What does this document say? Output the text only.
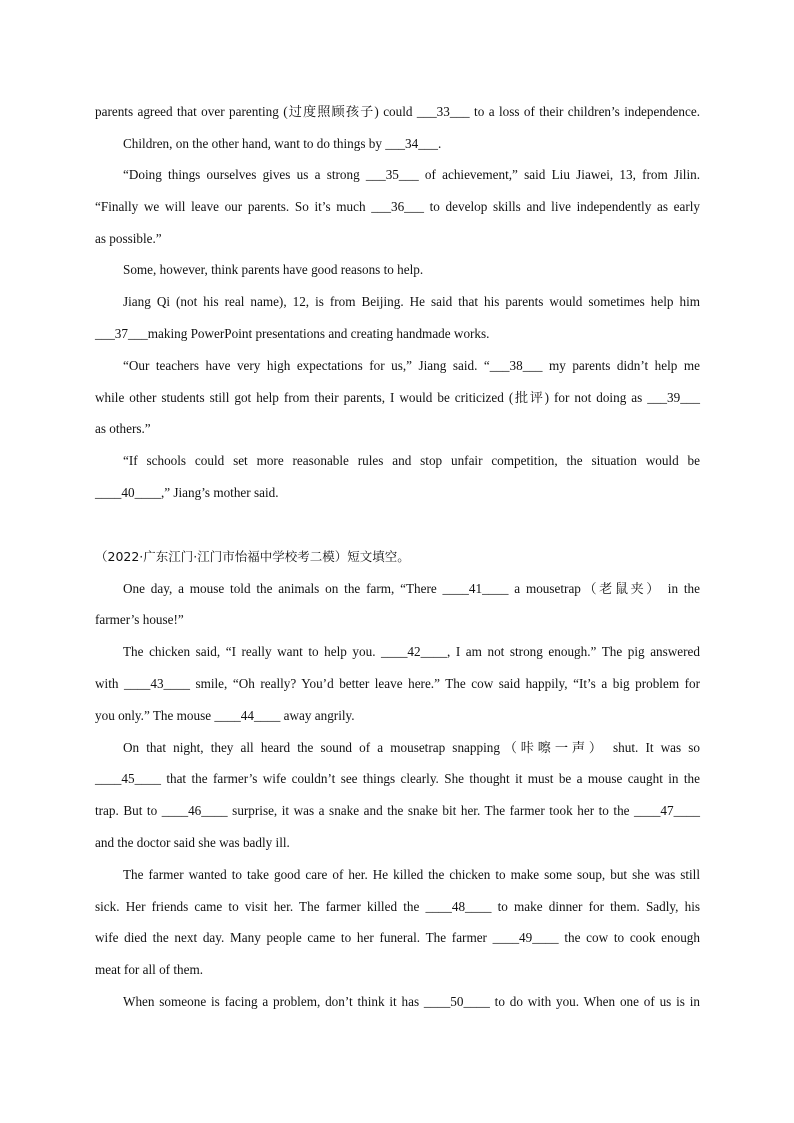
parents agreed that over parenting (过度照顾孩子) could ___33___ to a loss of their children’s independence.
Children, on the other hand, want to do things by ___34___.
“Doing things ourselves gives us a strong ___35___ of achievement,” said Liu Jiawei, 13, from Jilin.
“Finally we will leave our parents. So it’s much ___36___ to develop skills and live independently as early
as possible.”
Some, however, think parents have good reasons to help.
Jiang Qi (not his real name), 12, is from Beijing. He said that his parents would sometimes help him
___37___making PowerPoint presentations and creating handmade works.
“Our teachers have very high expectations for us,” Jiang said. “___38___ my parents didn’t help me
while other students still got help from their parents, I would be criticized (批评) for not doing as ___39___
as others.”
“If schools could set more reasonable rules and stop unfair competition, the situation would be
____40____,” Jiang’s mother said.
（2022·广东江门·江门市怡福中学校考二模）短文填空。
One day, a mouse told the animals on the farm, “There ____41____ a mousetrap（老鼠夹） in the
farmer’s house!”
The chicken said, “I really want to help you. ____42____, I am not strong enough.” The pig answered
with ____43____ smile, “Oh really? You’d better leave here.” The cow said happily, “It’s a big problem for
you only.” The mouse ____44____ away angrily.
On that night, they all heard the sound of a mousetrap snapping（咔嚓一声） shut. It was so
____45____ that the farmer’s wife couldn’t see things clearly. She thought it must be a mouse caught in the
trap. But to ____46____ surprise, it was a snake and the snake bit her. The farmer took her to the ____47____
and the doctor said she was badly ill.
The farmer wanted to take good care of her. He killed the chicken to make some soup, but she was still
sick. Her friends came to visit her. The farmer killed the ____48____ to make dinner for them. Sadly, his
wife died the next day. Many people came to her funeral. The farmer ____49____ the cow to cook enough
meat for all of them.
When someone is facing a problem, don’t think it has ____50____ to do with you. When one of us is in
